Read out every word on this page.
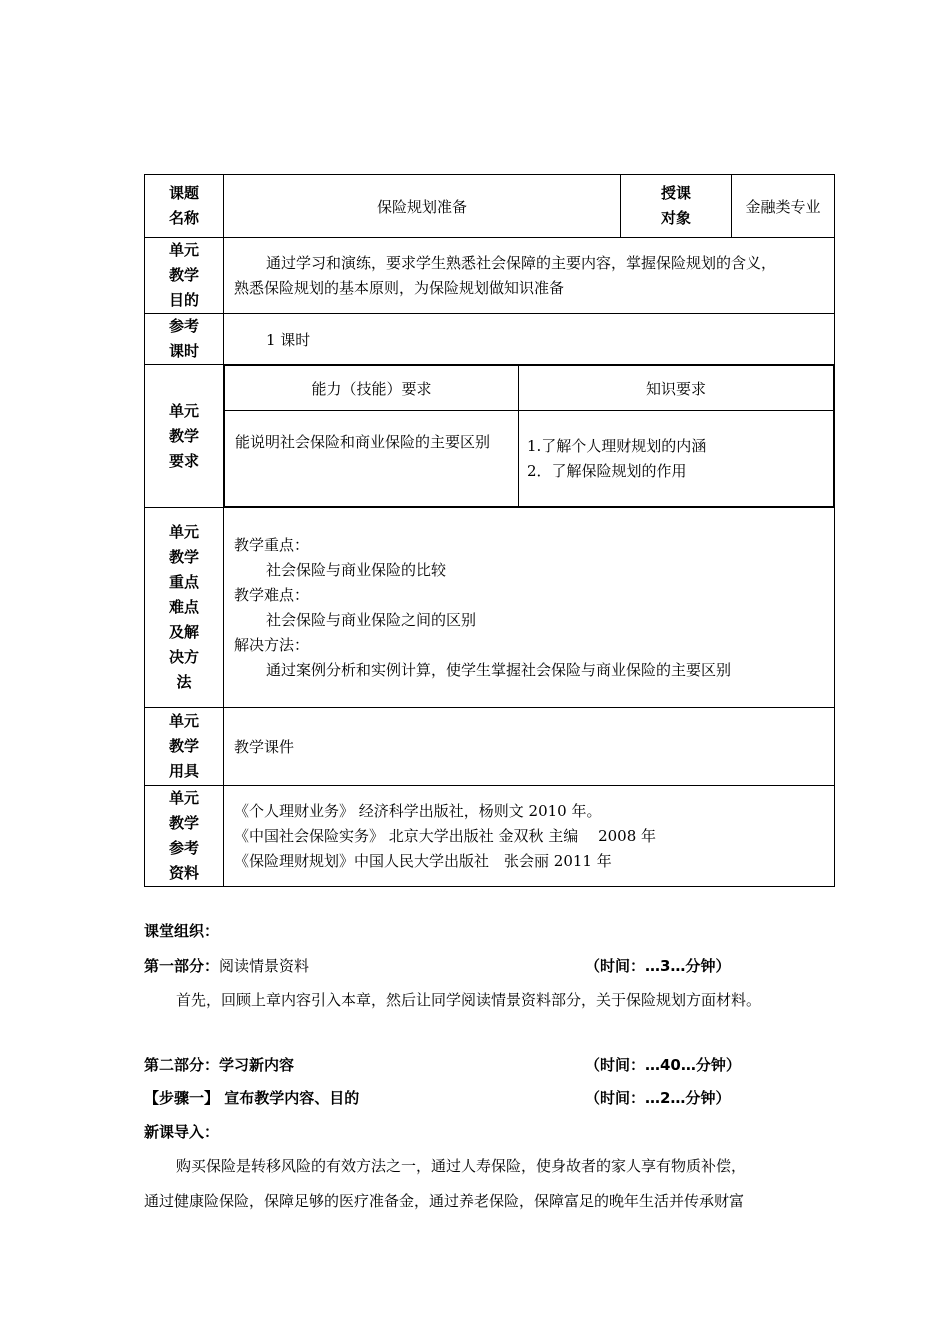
课题名称
	保险规划准备	
授课对象
	金融类专业

单元教学目的

通过学习和演练，要求学生熟悉社会保障的主要内容，掌握保险规划的含义，
熟悉保险规划的基本原则，为保险规划做知识准备

参考课时
	1 课时

单元教学要求

能力（技能）要求	知识要求
能说明社会保险和商业保险的主要区别	1.了解个人理财规划的内涵
2．了解保险规划的作用

单元教学重点难点及解决方法

教学重点：
社会保险与商业保险的比较
教学难点：
社会保险与商业保险之间的区别
解决方法：
通过案例分析和实例计算，使学生掌握社会保险与商业保险的主要区别

单元教学用具
	教学课件

单元教学参考资料

《个人理财业务》 经济科学出版社，杨则文 2010 年。
《中国社会保险实务》 北京大学出版社 金双秋 主编　 2008 年
《保险理财规划》中国人民大学出版社　张会丽 2011 年
课堂组织：
第一部分：阅读情景资料	（时间：…3…分钟）
首先，回顾上章内容引入本章，然后让同学阅读情景资料部分，关于保险规划方面材料。
第二部分：学习新内容	（时间：…40…分钟）
【步骤一】 宣布教学内容、目的	（时间：…2…分钟）
新课导入：
购买保险是转移风险的有效方法之一，通过人寿保险，使身故者的家人享有物质补偿，
通过健康险保险，保障足够的医疗准备金，通过养老保险，保障富足的晚年生活并传承财富
